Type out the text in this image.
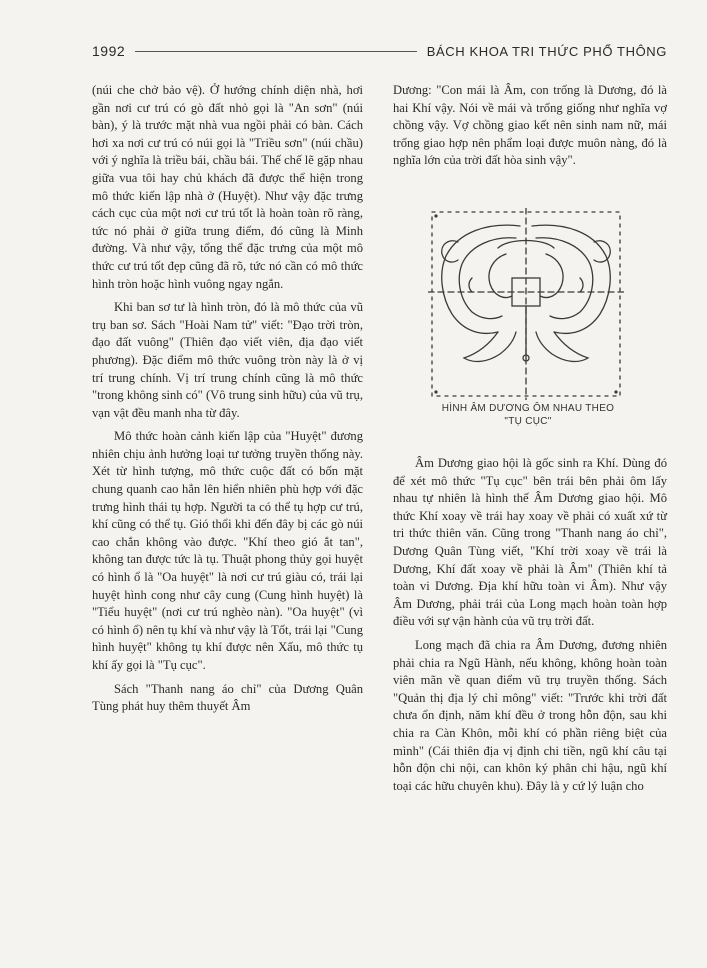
1992	BÁCH KHOA TRI THỨC PHỔ THÔNG

(núi che chở bảo vệ). Ở hướng chính diện nhà, hơi gần nơi cư trú có gò đất nhỏ gọi là "An sơn" (núi bàn), ý là trước mặt nhà vua ngồi phải có bàn. Cách hơi xa nơi cư trú có núi gọi là "Triều sơn" (núi chầu) với ý nghĩa là triều bái, chầu bái. Thế chế lẽ gặp nhau giữa vua tôi hay chủ khách đã được thể hiện trong mô thức kiến lập nhà ở (Huyệt). Như vậy đặc trưng cách cục của một nơi cư trú tốt là hoàn toàn rõ ràng, tức nó phải ở giữa trung điểm, đó cũng là Minh đường. Và như vậy, tổng thể đặc trưng của một mô thức cư trú tốt đẹp cũng đã rõ, tức nó cần có mô thức hình tròn hoặc hình vuông ngay ngắn.

Khi ban sơ tư là hình tròn, đó là mô thức của vũ trụ ban sơ. Sách "Hoài Nam tử" viết: "Đạo trời tròn, đạo đất vuông" (Thiên đạo viết viên, địa đạo viết phương). Đặc điểm mô thức vuông tròn này là ở vị trí trung chính. Vị trí trung chính cũng là mô thức "trong không sinh có" (Vô trung sinh hữu) của vũ trụ, vạn vật đều manh nha từ đây.

Mô thức hoàn cảnh kiến lập của "Huyệt" đương nhiên chịu ảnh hưởng loại tư tưởng truyền thống này. Xét từ hình tượng, mô thức cuộc đất có bốn mặt chung quanh cao hẳn lên hiển nhiên phù hợp với đặc trưng hình thái tụ hợp. Người ta có thể tụ hợp cư trú, khí cũng có thể tụ. Gió thổi khi đến đây bị các gò núi cao chắn không vào được. "Khí theo gió ắt tan", không tan được tức là tụ. Thuật phong thủy gọi huyệt có hình ổ là "Oa huyệt" là nơi cư trú giàu có, trái lại huyệt hình cong như cây cung (Cung hình huyệt) là "Tiểu huyệt" (nơi cư trú nghèo nàn). "Oa huyệt" (vì có hình ổ) nên tụ khí và như vậy là Tốt, trái lại "Cung hình huyệt" không tụ khí được nên Xấu, mô thức tụ khí ấy gọi là "Tụ cục".

Sách "Thanh nang áo chỉ" của Dương Quân Tùng phát huy thêm thuyết Âm

Dương: "Con mái là Âm, con trống là Dương, đó là hai Khí vậy. Nói về mái và trống giống như nghĩa vợ chồng vậy. Vợ chồng giao kết nên sinh nam nữ, mái trống giao hợp nên phẩm loại được muôn nàng, đó là nghĩa lớn của trời đất hòa sinh vậy".

HÌNH ÂM DƯƠNG ÔM NHAU THEO
"TỤ CỤC"

Âm Dương giao hội là gốc sinh ra Khí. Dùng đó để xét mô thức "Tụ cục" bên trái bên phải ôm lấy nhau tự nhiên là hình thế Âm Dương giao hội. Mô thức Khí xoay về trái hay xoay về phải có xuất xứ từ tri thức thiên văn. Cũng trong "Thanh nang áo chỉ", Dương Quân Tùng viết, "Khí trời xoay về trái là Dương, Khí đất xoay về phải là Âm" (Thiên khí tả toàn vi Dương. Địa khí hữu toàn vi Âm). Như vậy Âm Dương, phải trái của Long mạch hoàn toàn hợp điều với sự vận hành của vũ trụ trời đất.

Long mạch đã chia ra Âm Dương, đương nhiên phải chia ra Ngũ Hành, nếu không, không hoàn toàn viên mãn về quan điểm vũ trụ truyền thống. Sách "Quản thị địa lý chỉ mông" viết: "Trước khi trời đất chưa ổn định, năm khí đều ở trong hỗn độn, sau khi chia ra Càn Khôn, mỗi khí có phần riêng biệt của mình" (Cái thiên địa vị định chi tiền, ngũ khí câu tại hỗn độn chi nội, can khôn ký phân chi hậu, ngũ khí toại các hữu chuyên khu). Đây là y cứ lý luận cho
